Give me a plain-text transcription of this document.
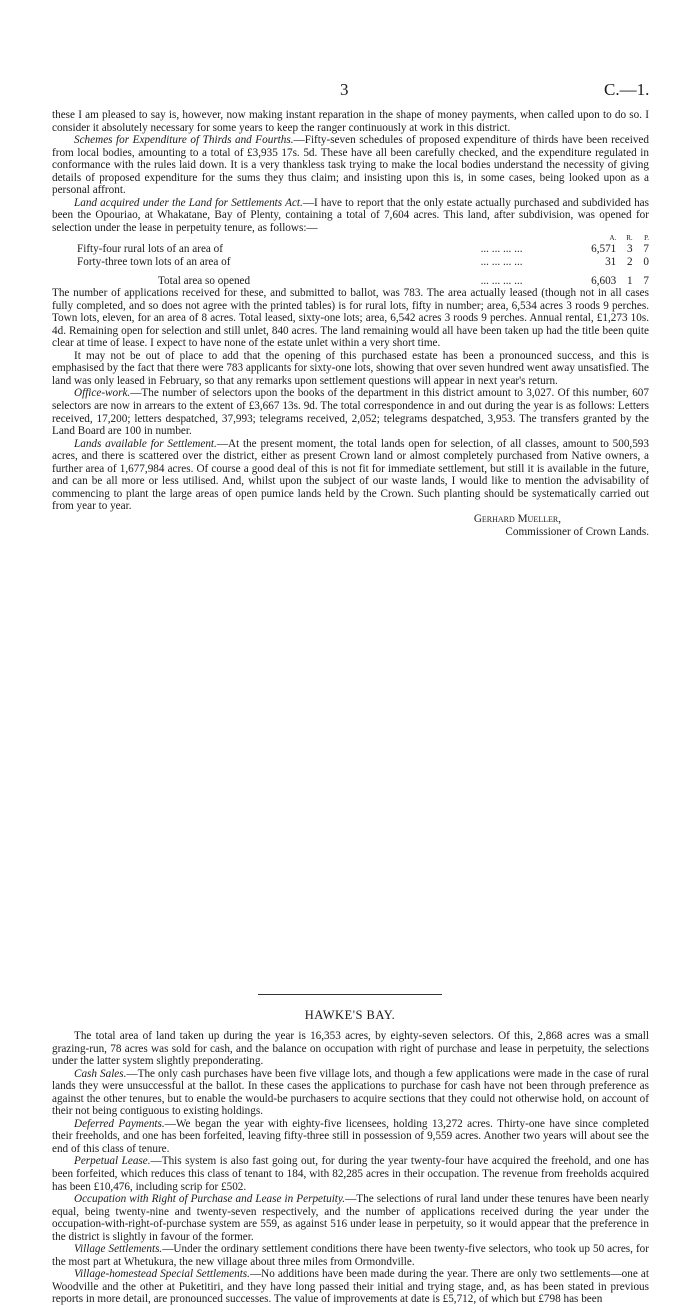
3	C.—1.

these I am pleased to say is, however, now making instant reparation in the shape of money payments, when called upon to do so. I consider it absolutely necessary for some years to keep the ranger continuously at work in this district.

Schemes for Expenditure of Thirds and Fourths.—Fifty-seven schedules of proposed expenditure of thirds have been received from local bodies, amounting to a total of £3,935 17s. 5d. These have all been carefully checked, and the expenditure regulated in conformance with the rules laid down. It is a very thankless task trying to make the local bodies understand the necessity of giving details of proposed expenditure for the sums they thus claim; and insisting upon this is, in some cases, being looked upon as a personal affront.

Land acquired under the Land for Settlements Act.—I have to report that the only estate actually purchased and subdivided has been the Opouriao, at Whakatane, Bay of Plenty, containing a total of 7,604 acres. This land, after subdivision, was opened for selection under the lease in perpetuity tenure, as follows:—

		A.	R.	P.
Fifty-four rural lots of an area of	... ... ... ...	6,571	3	7
Forty-three town lots of an area of	... ... ... ...	31	2	0

Total area so opened	... ... ... ...	6,603	1	7

The number of applications received for these, and submitted to ballot, was 783. The area actually leased (though not in all cases fully completed, and so does not agree with the printed tables) is for rural lots, fifty in number; area, 6,534 acres 3 roods 9 perches. Town lots, eleven, for an area of 8 acres. Total leased, sixty-one lots; area, 6,542 acres 3 roods 9 perches. Annual rental, £1,273 10s. 4d. Remaining open for selection and still unlet, 840 acres. The land remaining would all have been taken up had the title been quite clear at time of lease. I expect to have none of the estate unlet within a very short time.

It may not be out of place to add that the opening of this purchased estate has been a pronounced success, and this is emphasised by the fact that there were 783 applicants for sixty-one lots, showing that over seven hundred went away unsatisfied. The land was only leased in February, so that any remarks upon settlement questions will appear in next year's return.

Office-work.—The number of selectors upon the books of the department in this district amount to 3,027. Of this number, 607 selectors are now in arrears to the extent of £3,667 13s. 9d. The total correspondence in and out during the year is as follows: Letters received, 17,200; letters despatched, 37,993; telegrams received, 2,052; telegrams despatched, 3,953. The transfers granted by the Land Board are 100 in number.

Lands available for Settlement.—At the present moment, the total lands open for selection, of all classes, amount to 500,593 acres, and there is scattered over the district, either as present Crown land or almost completely purchased from Native owners, a further area of 1,677,984 acres. Of course a good deal of this is not fit for immediate settlement, but still it is available in the future, and can be all more or less utilised. And, whilst upon the subject of our waste lands, I would like to mention the advisability of commencing to plant the large areas of open pumice lands held by the Crown. Such planting should be systematically carried out from year to year.

Gerhard Mueller,
Commissioner of Crown Lands.
HAWKE'S BAY.

The total area of land taken up during the year is 16,353 acres, by eighty-seven selectors. Of this, 2,868 acres was a small grazing-run, 78 acres was sold for cash, and the balance on occupation with right of purchase and lease in perpetuity, the selections under the latter system slightly preponderating.

Cash Sales.—The only cash purchases have been five village lots, and though a few applications were made in the case of rural lands they were unsuccessful at the ballot. In these cases the applications to purchase for cash have not been through preference as against the other tenures, but to enable the would-be purchasers to acquire sections that they could not otherwise hold, on account of their not being contiguous to existing holdings.

Deferred Payments.—We began the year with eighty-five licensees, holding 13,272 acres. Thirty-one have since completed their freeholds, and one has been forfeited, leaving fifty-three still in possession of 9,559 acres. Another two years will about see the end of this class of tenure.

Perpetual Lease.—This system is also fast going out, for during the year twenty-four have acquired the freehold, and one has been forfeited, which reduces this class of tenant to 184, with 82,285 acres in their occupation. The revenue from freeholds acquired has been £10,476, including scrip for £502.

Occupation with Right of Purchase and Lease in Perpetuity.—The selections of rural land under these tenures have been nearly equal, being twenty-nine and twenty-seven respectively, and the number of applications received during the year under the occupation-with-right-of-purchase system are 559, as against 516 under lease in perpetuity, so it would appear that the preference in the district is slightly in favour of the former.

Village Settlements.—Under the ordinary settlement conditions there have been twenty-five selectors, who took up 50 acres, for the most part at Whetukura, the new village about three miles from Ormondville.

Village-homestead Special Settlements.—No additions have been made during the year. There are only two settlements—one at Woodville and the other at Puketitiri, and they have long passed their initial and trying stage, and, as has been stated in previous reports in more detail, are pronounced successes. The value of improvements at date is £5,712, of which but £798 has been
